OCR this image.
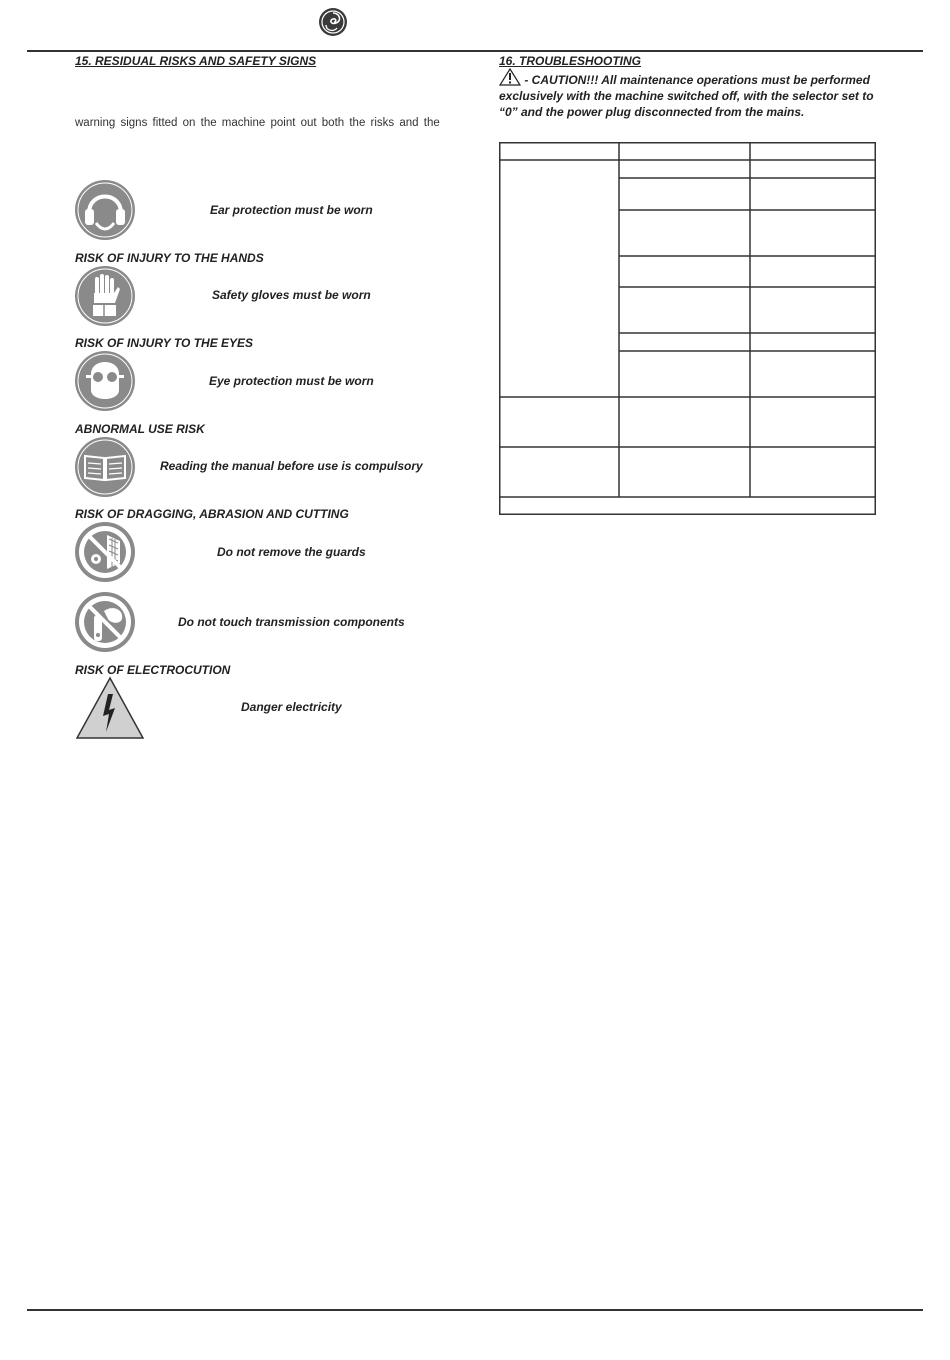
15. RESIDUAL RISKS AND SAFETY SIGNS
warning signs fitted on the machine point out both the risks and the
Ear protection must be worn
RISK OF INJURY TO THE HANDS
Safety gloves must be worn
RISK OF INJURY TO THE EYES
Eye protection must be worn
ABNORMAL USE RISK
Reading the manual before use is compulsory
RISK OF DRAGGING, ABRASION AND CUTTING
Do not remove the guards
Do not touch transmission components
RISK OF ELECTROCUTION
Danger electricity
16. TROUBLESHOOTING
- CAUTION!!! All maintenance operations must be performed exclusively with the machine switched off, with the selector set to “0” and the power plug disconnected from the mains.
